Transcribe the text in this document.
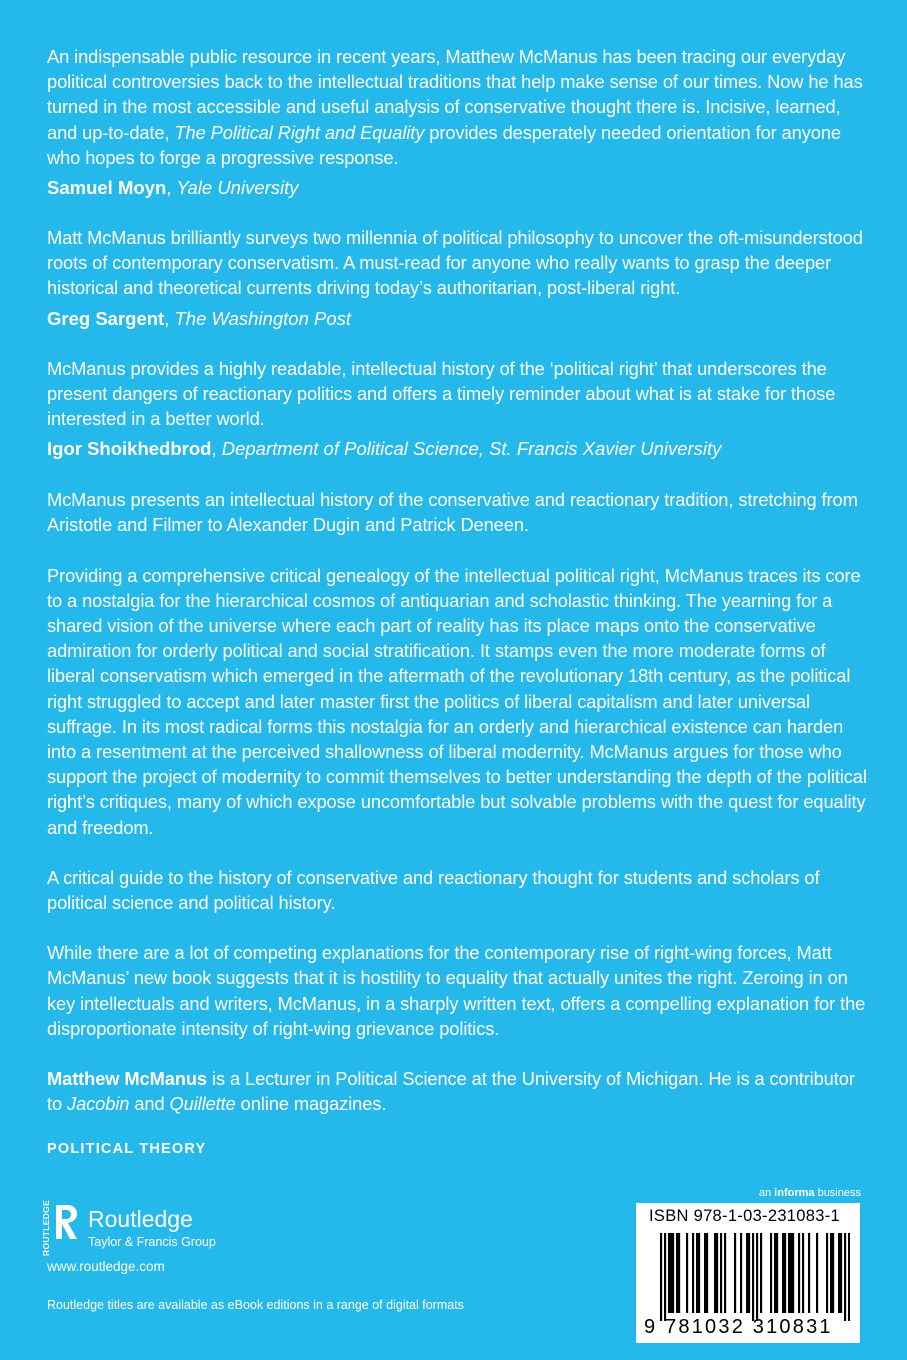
An indispensable public resource in recent years, Matthew McManus has been tracing our everyday political controversies back to the intellectual traditions that help make sense of our times. Now he has turned in the most accessible and useful analysis of conservative thought there is. Incisive, learned, and up-to-date, The Political Right and Equality provides desperately needed orientation for anyone who hopes to forge a progressive response.

Samuel Moyn, Yale University

Matt McManus brilliantly surveys two millennia of political philosophy to uncover the oft-misunderstood roots of contemporary conservatism. A must-read for anyone who really wants to grasp the deeper historical and theoretical currents driving today’s authoritarian, post-liberal right.

Greg Sargent, The Washington Post

McManus provides a highly readable, intellectual history of the ‘political right’ that underscores the present dangers of reactionary politics and offers a timely reminder about what is at stake for those interested in a better world.

Igor Shoikhedbrod, Department of Political Science, St. Francis Xavier University

McManus presents an intellectual history of the conservative and reactionary tradition, stretching from Aristotle and Filmer to Alexander Dugin and Patrick Deneen.

Providing a comprehensive critical genealogy of the intellectual political right, McManus traces its core to a nostalgia for the hierarchical cosmos of antiquarian and scholastic thinking. The yearning for a shared vision of the universe where each part of reality has its place maps onto the conservative admiration for orderly political and social stratification. It stamps even the more moderate forms of liberal conservatism which emerged in the aftermath of the revolutionary 18th century, as the political right struggled to accept and later master first the politics of liberal capitalism and later universal suffrage. In its most radical forms this nostalgia for an orderly and hierarchical existence can harden into a resentment at the perceived shallowness of liberal modernity. McManus argues for those who support the project of modernity to commit themselves to better understanding the depth of the political right’s critiques, many of which expose uncomfortable but solvable problems with the quest for equality and freedom.

A critical guide to the history of conservative and reactionary thought for students and scholars of political science and political history.

While there are a lot of competing explanations for the contemporary rise of right-wing forces, Matt McManus’ new book suggests that it is hostility to equality that actually unites the right. Zeroing in on key intellectuals and writers, McManus, in a sharply written text, offers a compelling explanation for the disproportionate intensity of right-wing grievance politics.

Matthew McManus is a Lecturer in Political Science at the University of Michigan. He is a contributor to Jacobin and Quillette online magazines.

POLITICAL THEORY
ROUTLEDGE Routledge
Taylor & Francis Group
www.routledge.com
Routledge titles are available as eBook editions in a range of digital formats
an informa business
ISBN 978-1-03-231083-1
9 781032 310831
